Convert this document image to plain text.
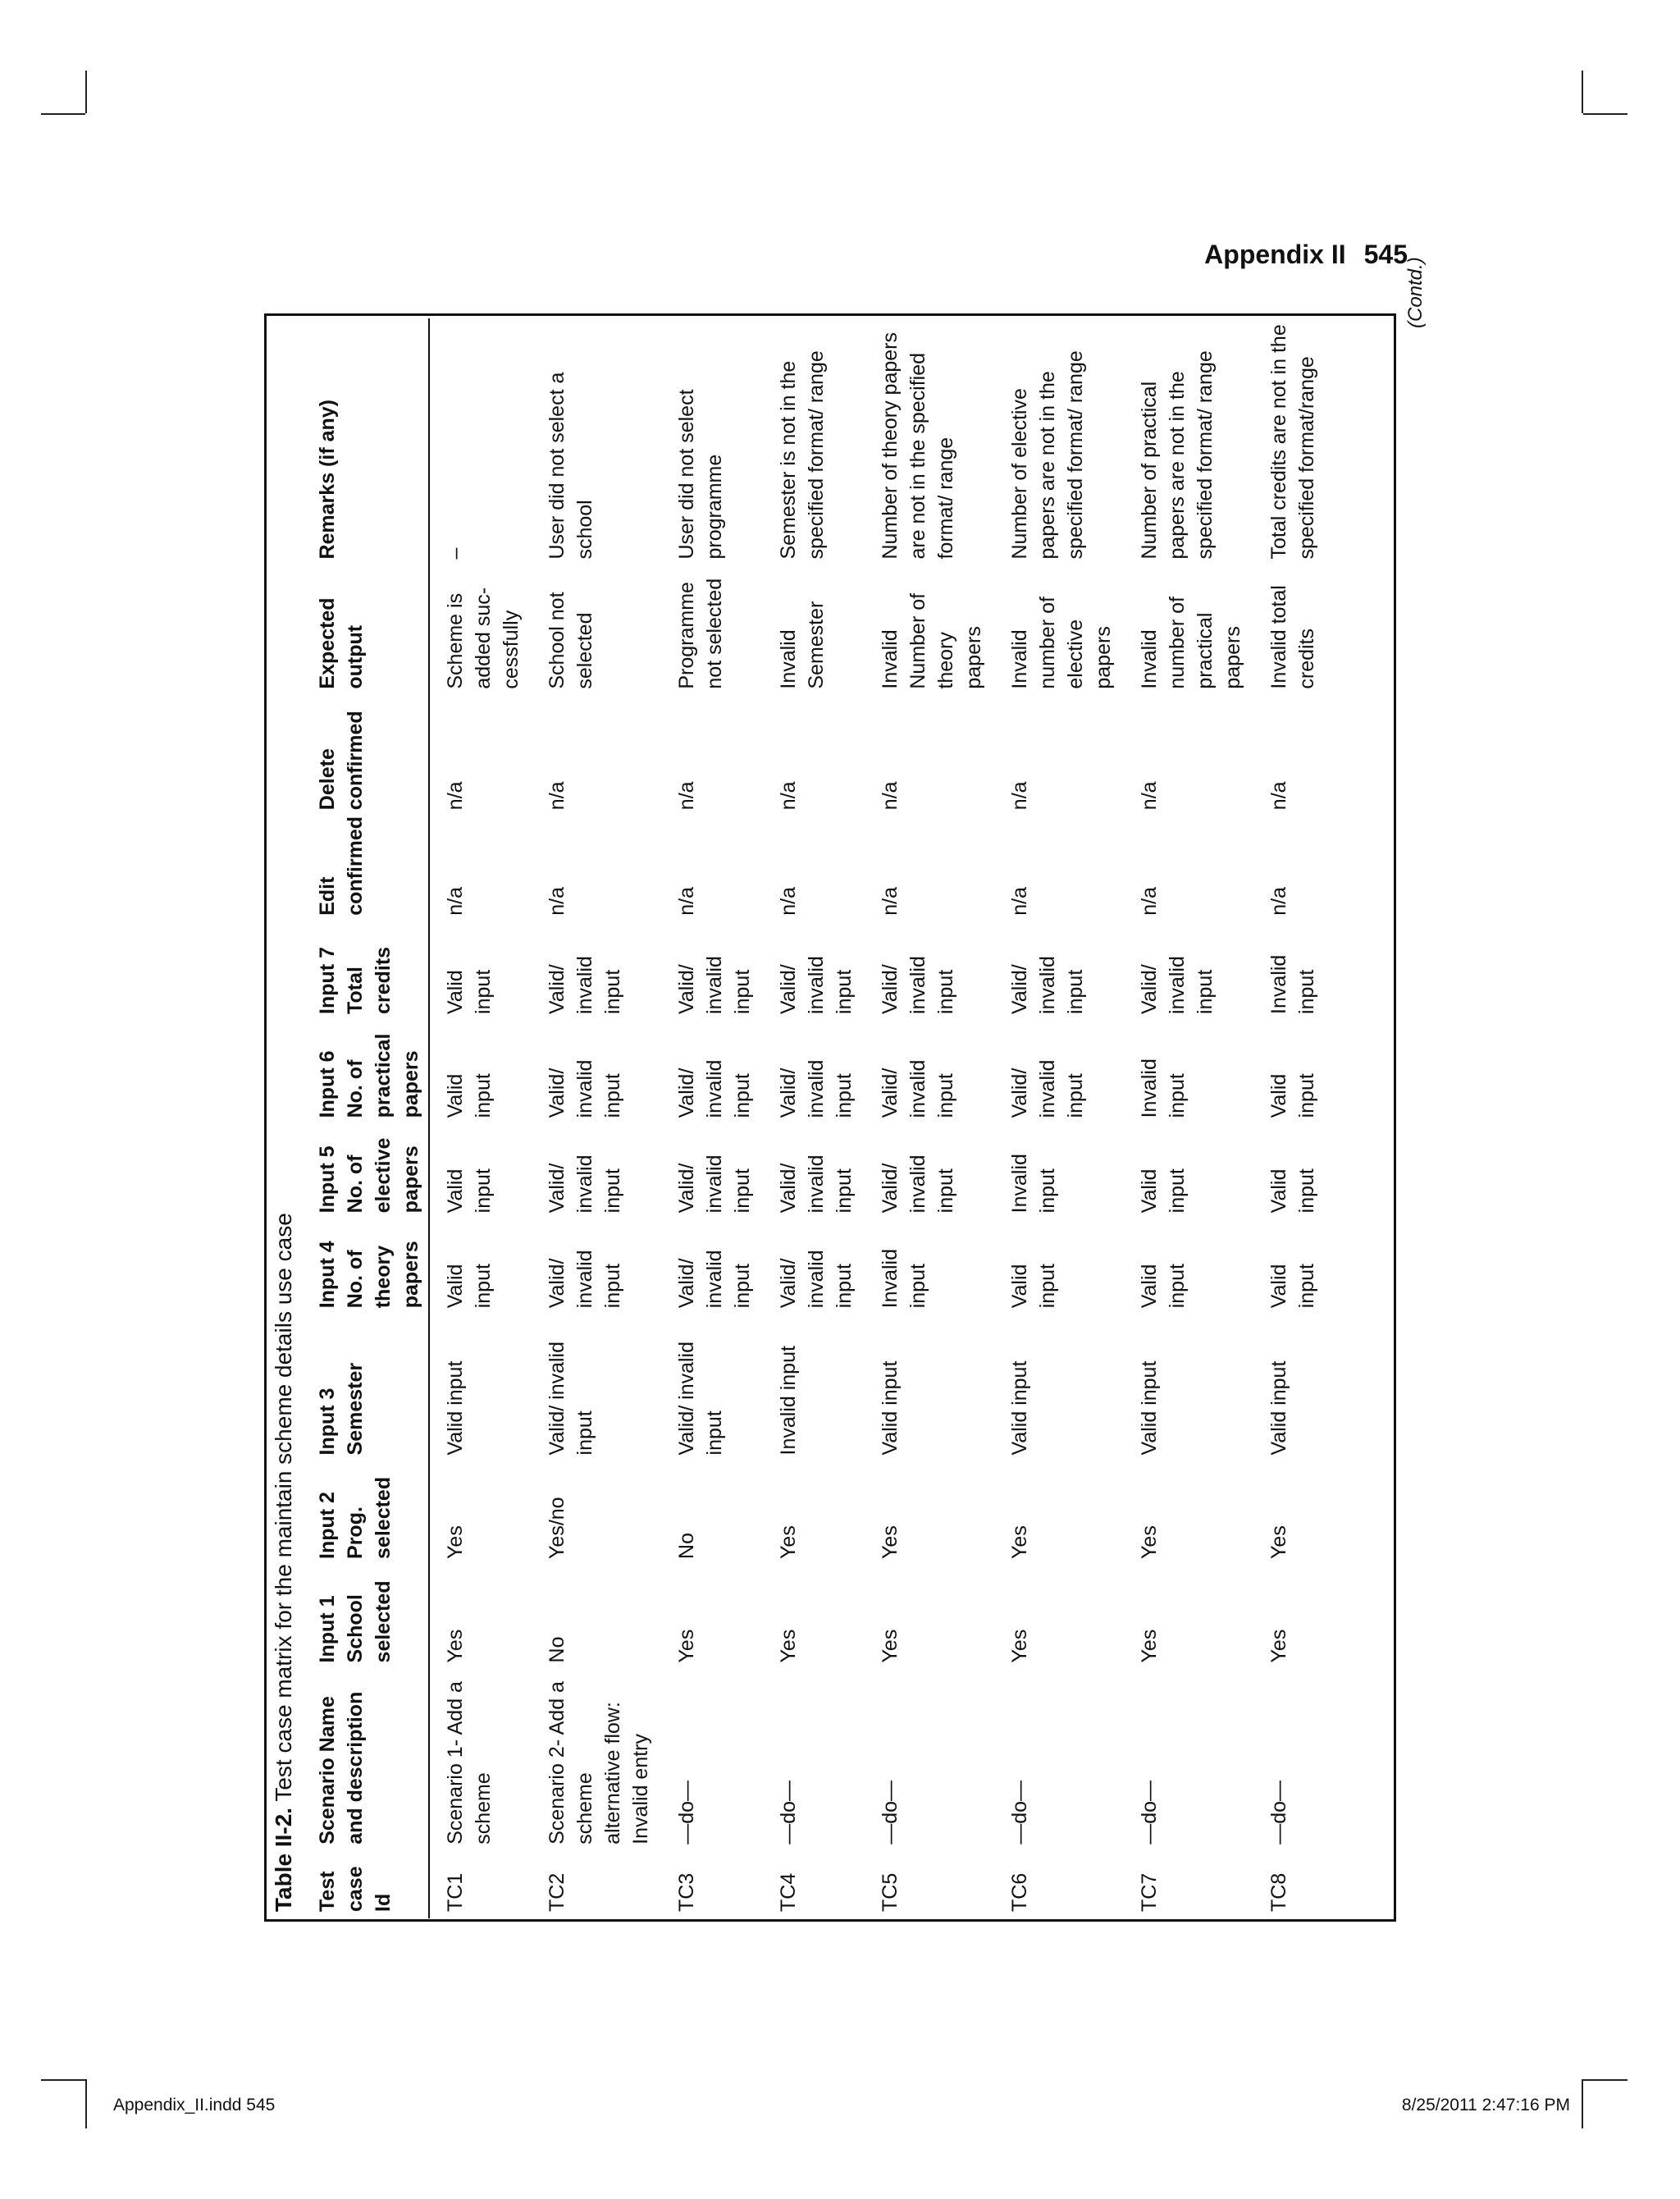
Appendix II 545
Table II-2. Test case matrix for the maintain scheme details use case
Test case Id	Scenario Name and description	Input 1 School selected	Input 2 Prog. selected	Input 3 Semester	Input 4 No. of theory papers	Input 5 No. of elective papers	Input 6 No. of practical papers	Input 7 Total credits	Edit confirmed	Delete confirmed	Expected output	Remarks (if any)
TC1	Scenario 1- Add a scheme	Yes	Yes	Valid input	Valid input	Valid input	Valid input	Valid input	n/a	n/a	Scheme is added suc-cessfully	–
TC2	Scenario 2- Add a scheme alternative flow: Invalid entry	No	Yes/no	Valid/ invalid input	Valid/ invalid input	Valid/ invalid input	Valid/ invalid input	Valid/ invalid input	n/a	n/a	School not selected	User did not select a school
TC3	—do—	Yes	No	Valid/ invalid input	Valid/ invalid input	Valid/ invalid input	Valid/ invalid input	Valid/ invalid input	n/a	n/a	Programme not selected	User did not select programme
TC4	—do—	Yes	Yes	Invalid input	Valid/ invalid input	Valid/ invalid input	Valid/ invalid input	Valid/ invalid input	n/a	n/a	Invalid Semester	Semester is not in the specified format/ range
TC5	—do—	Yes	Yes	Valid input	Invalid input	Valid/ invalid input	Valid/ invalid input	Valid/ invalid input	n/a	n/a	Invalid Number of theory papers	Number of theory papers are not in the specified format/ range
TC6	—do—	Yes	Yes	Valid input	Valid input	Invalid input	Valid/ invalid input	Valid/ invalid input	n/a	n/a	Invalid number of elective papers	Number of elective papers are not in the specified format/ range
TC7	—do—	Yes	Yes	Valid input	Valid input	Valid input	Invalid input	Valid/ invalid input	n/a	n/a	Invalid number of practical papers	Number of practical papers are not in the specified format/ range
TC8	—do—	Yes	Yes	Valid input	Valid input	Valid input	Valid input	Invalid input	n/a	n/a	Invalid total credits	Total credits are not in the specified format/range
(Contd.)
Appendix_II.indd 545	8/25/2011 2:47:16 PM
